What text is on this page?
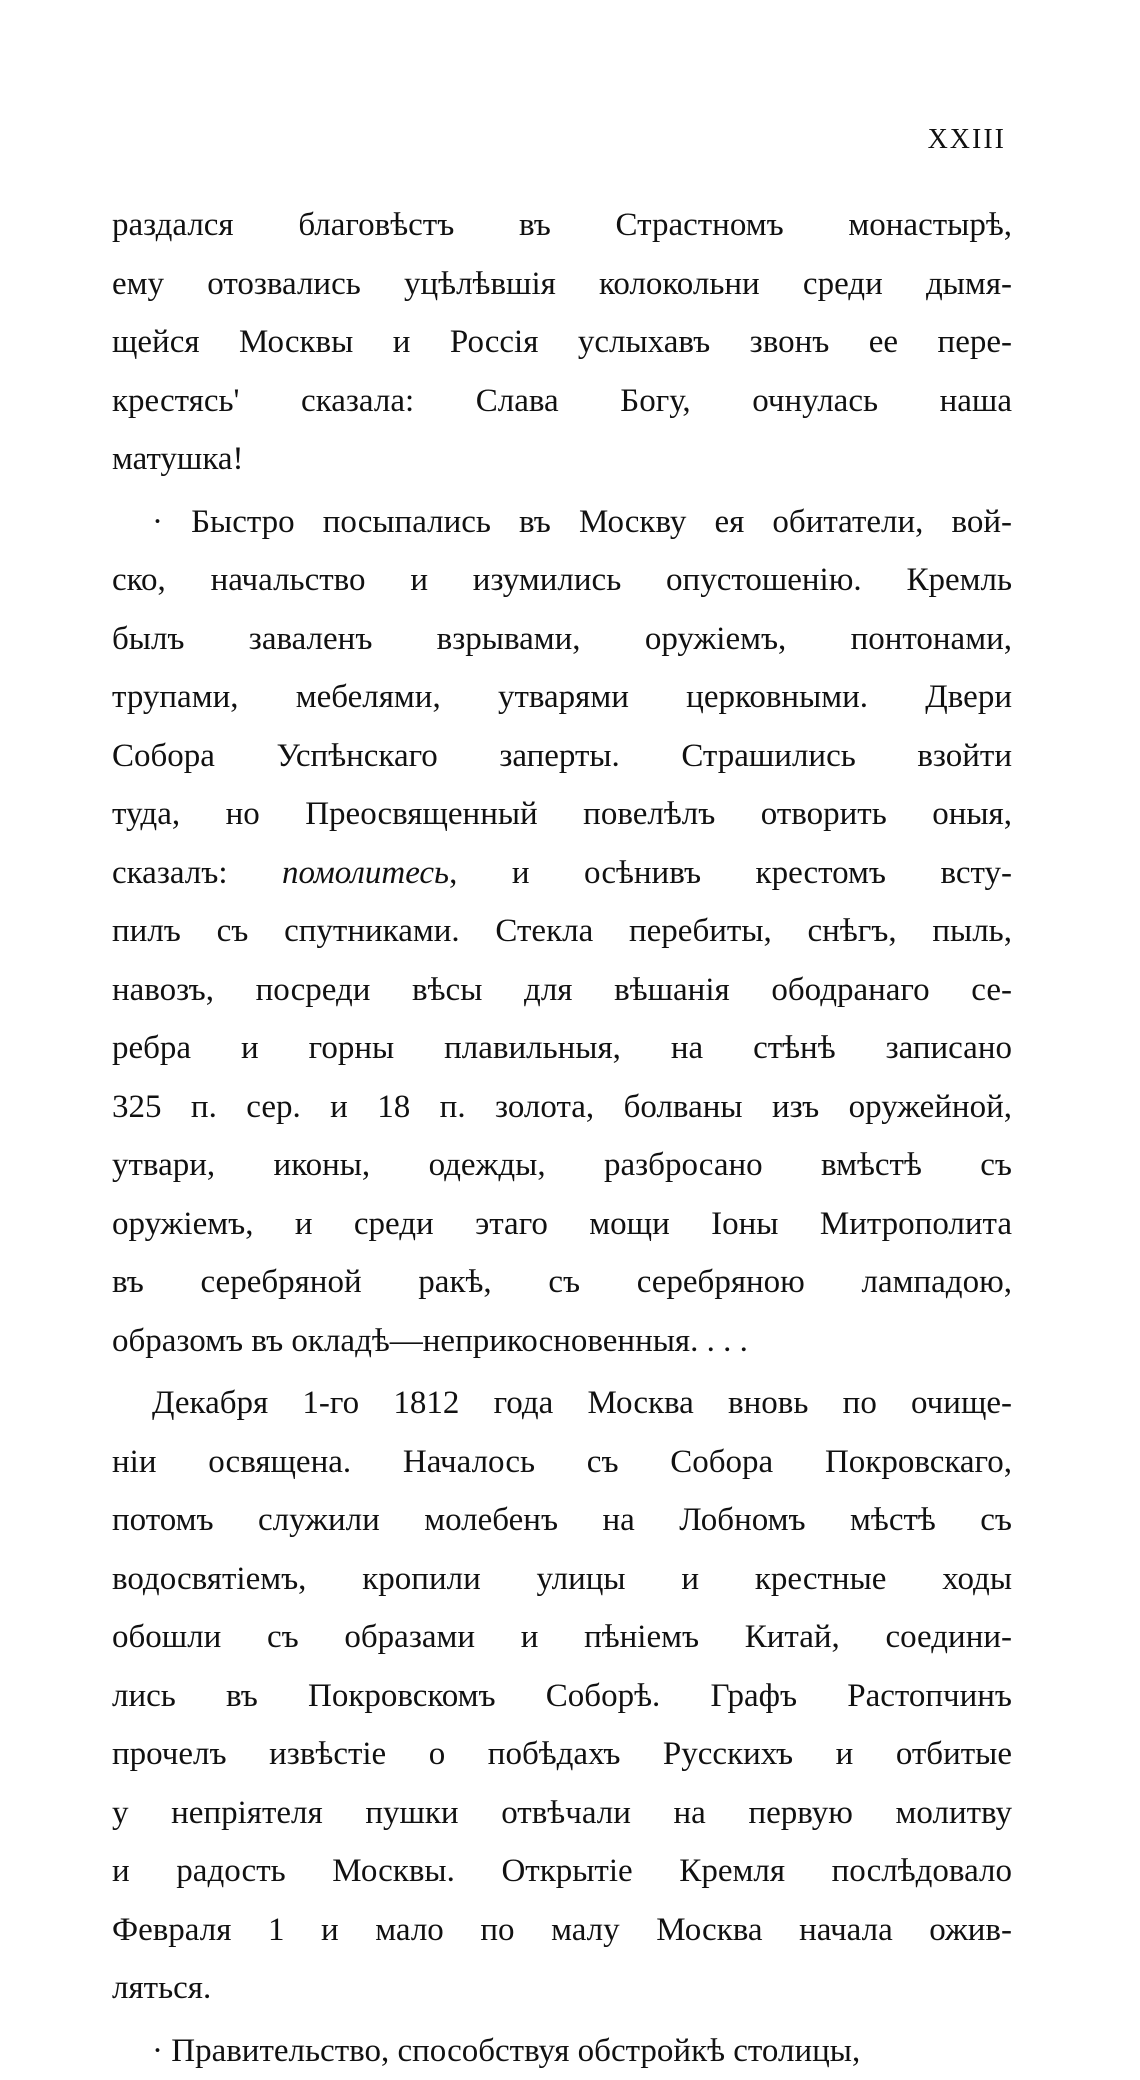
XXIII
раздался благовѣстъ въ Страстномъ монастырѣ,
ему отозвались уцѣлѣвшія колокольни среди дымя-
щейся Москвы и Россія услыхавъ звонъ ее пере-
крестясь' сказала: Слава Богу, очнулась наша
матушка!
· Быстро посыпались въ Москву ея обитатели, вой-
ско, начальство и изумились опустошенію. Кремль
былъ заваленъ взрывами, оружіемъ, понтонами,
трупами, мебелями, утварями церковными. Двери
Собора Успѣнскаго заперты. Страшились взойти
туда, но Преосвященный повелѣлъ отворить оныя,
сказалъ: помолитесь, и осѣнивъ крестомъ всту-
пилъ съ спутниками. Стекла перебиты, снѣгъ, пыль,
навозъ, посреди вѣсы для вѣшанія ободранаго се-
ребра и горны плавильныя, на стѣнѣ записано
325 п. сер. и 18 п. золота, болваны изъ оружейной,
утвари, иконы, одежды, разбросано вмѣстѣ съ
оружіемъ, и среди этаго мощи Іоны Митрополита
въ серебряной ракѣ, съ серебряною лампадою,
образомъ въ окладѣ—неприкосновенныя. . . .
Декабря 1-го 1812 года Москва вновь по очище-
ніи освящена. Началось съ Собора Покровскаго,
потомъ служили молебенъ на Лобномъ мѣстѣ съ
водосвятіемъ, кропили улицы и крестные ходы
обошли съ образами и пѣніемъ Китай, соедини-
лись въ Покровскомъ Соборѣ. Графъ Растопчинъ
прочелъ извѣстіе о побѣдахъ Русскихъ и отбитые
у непріятеля пушки отвѣчали на первую молитву
и радость Москвы. Открытіе Кремля послѣдовало
Февраля 1 и мало по малу Москва начала ожив-
ляться.
· Правительство, способствуя обстройкѣ столицы,
